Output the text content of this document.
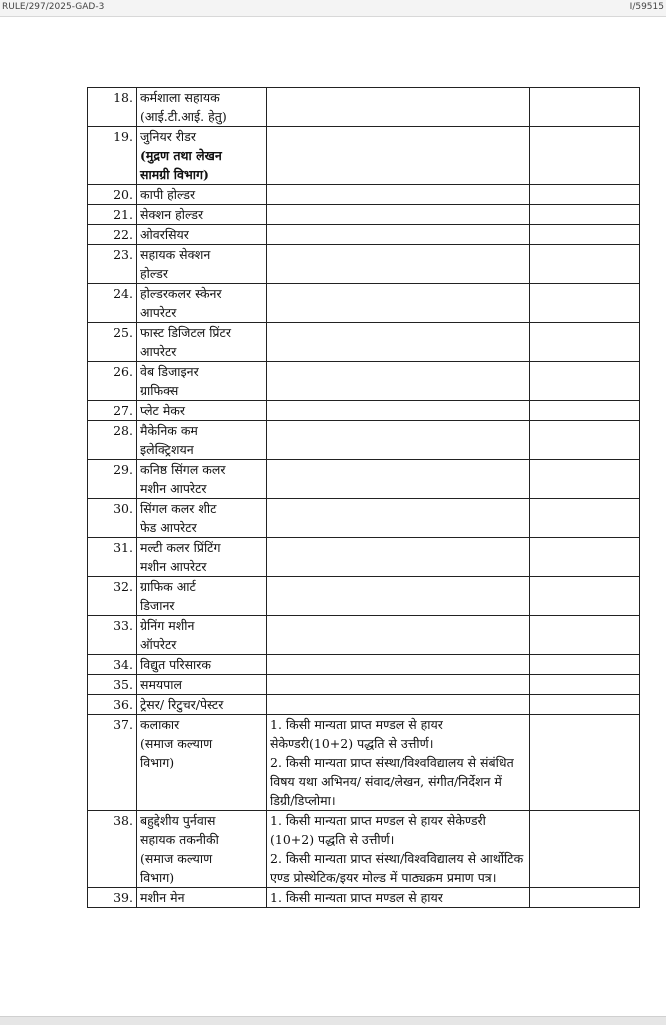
RULE/297/2025-GAD-3	I/59515
18.	कर्मशाला सहायक
(आई.टी.आई. हेतु)		

19.	जुनियर रीडर
(मुद्रण तथा लेखन
सामग्री विभाग)		

20.	कापी होल्डर		

21.	सेक्शन होल्डर		

22.	ओवरसियर		

23.	सहायक सेक्शन
होल्डर		

24.	होल्डरकलर स्केनर
आपरेटर		

25.	फास्ट डिजिटल प्रिंटर
आपरेटर		

26.	वेब डिजाइनर
ग्राफिक्स		

27.	प्लेट मेकर		

28.	मैकेनिक कम
इलेक्ट्रिशयन		

29.	कनिष्ठ सिंगल कलर
मशीन आपरेटर		

30.	सिंगल कलर शीट
फेड आपरेटर		

31.	मल्टी कलर प्रिंटिंग
मशीन आपरेटर		

32.	ग्राफिक आर्ट
डिजानर		

33.	ग्रेनिंग मशीन
ऑपरेटर		

34.	विद्युत परिसारक		

35.	समयपाल		

36.	ट्रेसर/ रिटुचर/पेस्टर		

37.	कलाकार
(समाज कल्याण
विभाग)	1. किसी मान्यता प्राप्त मण्डल से हायर सेकेण्डरी(10+2) पद्धति से उत्तीर्ण।
2. किसी मान्यता प्राप्त संस्था/विश्वविद्यालय से संबंधित विषय यथा अभिनय/ संवाद/लेखन, संगीत/निर्देशन में डिग्री/डिप्लोमा।	

38.	बहुद्देशीय पुर्नवास
सहायक तकनीकी
(समाज कल्याण
विभाग)	1. किसी मान्यता प्राप्त मण्डल से हायर सेकेण्डरी (10+2) पद्धति से उत्तीर्ण।
2. किसी मान्यता प्राप्त संस्था/विश्वविद्यालय से आर्थोटिक एण्ड प्रोस्थेटिक/इयर मोल्ड में पाठ्यक्रम प्रमाण पत्र।	

39.	मशीन मेन	1. किसी मान्यता प्राप्त मण्डल से हायर	
